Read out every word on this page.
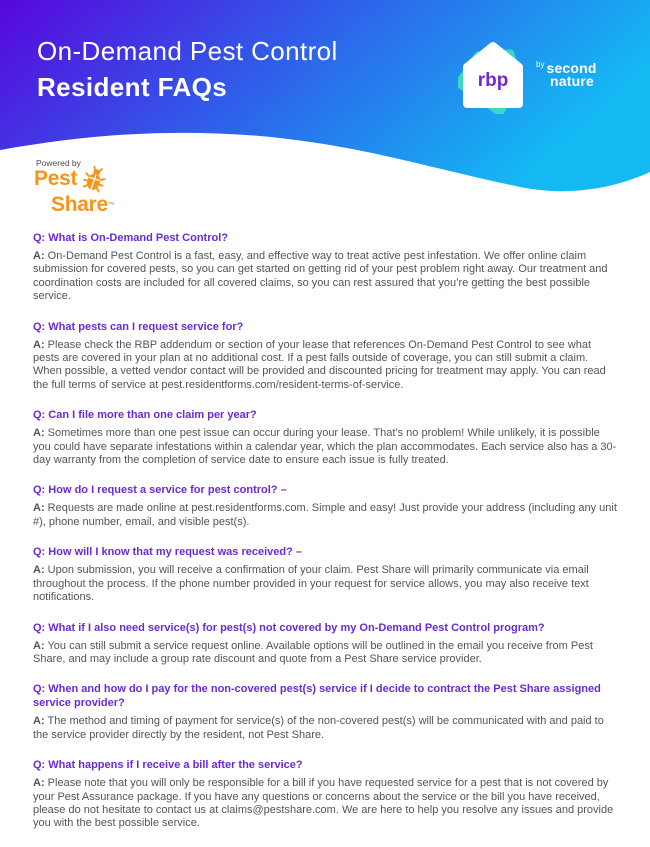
On-Demand Pest Control
Resident FAQs	rbp
$^{by}$ second
nature
Powered by
Pest
Share™
Q: What is On-Demand Pest Control?
A: On-Demand Pest Control is a fast, easy, and effective way to treat active pest infestation. We offer online claim submission for covered pests, so you can get started on getting rid of your pest problem right away. Our treatment and coordination costs are included for all covered claims, so you can rest assured that you’re getting the best possible service.
Q: What pests can I request service for?
A: Please check the RBP addendum or section of your lease that references On-Demand Pest Control to see what pests are covered in your plan at no additional cost. If a pest falls outside of coverage, you can still submit a claim. When possible, a vetted vendor contact will be provided and discounted pricing for treatment may apply. You can read the full terms of service at pest.residentforms.com/resident-terms-of-service.
Q: Can I file more than one claim per year?
A: Sometimes more than one pest issue can occur during your lease. That’s no problem! While unlikely, it is possible you could have separate infestations within a calendar year, which the plan accommodates. Each service also has a 30-day warranty from the completion of service date to ensure each issue is fully treated.
Q: How do I request a service for pest control? –
A: Requests are made online at pest.residentforms.com. Simple and easy! Just provide your address (including any unit #), phone number, email, and visible pest(s).
Q: How will I know that my request was received? –
A: Upon submission, you will receive a confirmation of your claim. Pest Share will primarily communicate via email throughout the process. If the phone number provided in your request for service allows, you may also receive text notifications.
Q: What if I also need service(s) for pest(s) not covered by my On-Demand Pest Control program?
A: You can still submit a service request online. Available options will be outlined in the email you receive from Pest Share, and may include a group rate discount and quote from a Pest Share service provider.
Q: When and how do I pay for the non-covered pest(s) service if I decide to contract the Pest Share assigned service provider?
A: The method and timing of payment for service(s) of the non-covered pest(s) will be communicated with and paid to the service provider directly by the resident, not Pest Share.
Q: What happens if I receive a bill after the service?
A: Please note that you will only be responsible for a bill if you have requested service for a pest that is not covered by your Pest Assurance package. If you have any questions or concerns about the service or the bill you have received, please do not hesitate to contact us at claims@pestshare.com. We are here to help you resolve any issues and provide you with the best possible service.
